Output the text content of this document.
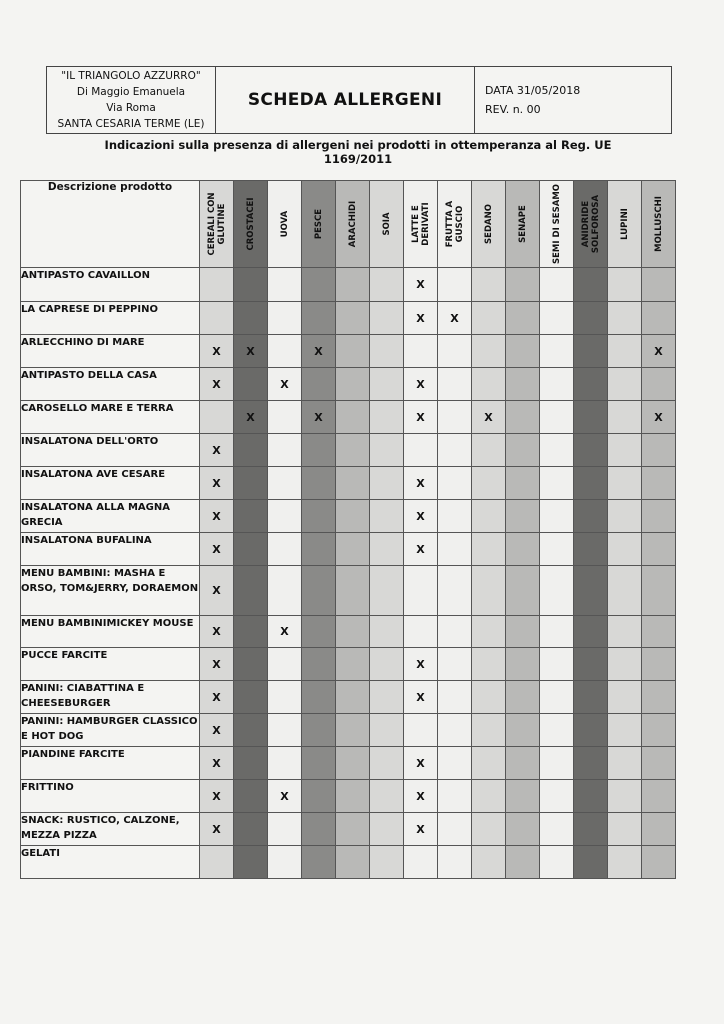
"IL TRIANGOLO AZZURRO"
Di Maggio Emanuela
Via Roma
SANTA CESARIA TERME (LE)
SCHEDA ALLERGENI	DATA 31/05/2018
REV. n. 00
Indicazioni sulla presenza di allergeni nei prodotti in ottemperanza al Reg. UE 1169/2011
Descrizione prodotto	CEREALI CON GLUTINE	CROSTACEI	UOVA	PESCE	ARACHIDI	SOIA	LATTE E DERIVATI	FRUTTA A GUSCIO	SEDANO	SENAPE	SEMI DI SESAMO	ANIDRIDE SOLFOROSA	LUPINI	MOLLUSCHI

ANTIPASTO CAVAILLON							X							
LA CAPRESE DI PEPPINO							X	X						
ARLECCHINO DI MARE	X	X		X										X
ANTIPASTO DELLA CASA	X		X				X							
CAROSELLO MARE E TERRA		X		X			X		X					X
INSALATONA DELL'ORTO	X													
INSALATONA AVE CESARE	X						X							
INSALATONA ALLA MAGNA GRECIA	X						X							
INSALATONA BUFALINA	X						X							
MENU BAMBINI: MASHA E ORSO, TOM&JERRY, DORAEMON	X													
MENU BAMBINIMICKEY MOUSE	X		X											
PUCCE FARCITE	X						X							
PANINI: CIABATTINA E CHEESEBURGER	X						X							
PANINI: HAMBURGER CLASSICO E HOT DOG	X													
PIANDINE FARCITE	X						X							
FRITTINO	X		X				X							
SNACK: RUSTICO, CALZONE, MEZZA PIZZA	X						X							
GELATI														
